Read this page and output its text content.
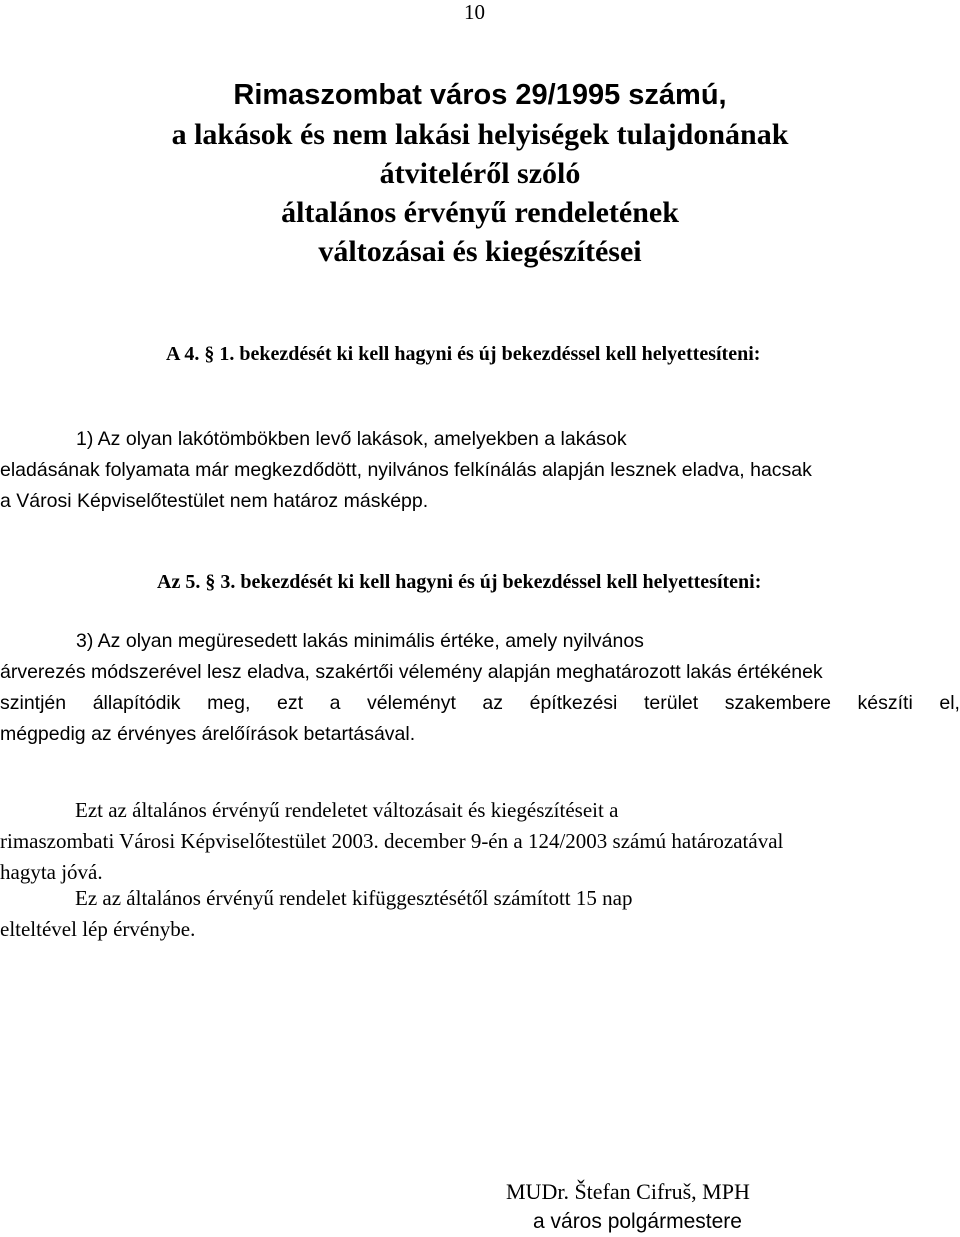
10
Rimaszombat város 29/1995 számú,
a lakások és nem lakási helyiségek tulajdonának
átviteléről szóló
általános érvényű rendeletének
változásai és kiegészítései
A 4. § 1. bekezdését ki kell hagyni és új bekezdéssel kell helyettesíteni:
1) Az olyan lakótömbökben levő lakások, amelyekben a lakások
eladásának folyamata már megkezdődött, nyilvános felkínálás alapján lesznek eladva, hacsak
a Városi Képviselőtestület nem határoz másképp.
Az 5. § 3. bekezdését ki kell hagyni és új bekezdéssel kell helyettesíteni:
3) Az olyan megüresedett lakás minimális értéke, amely nyilvános
árverezés módszerével lesz eladva, szakértői vélemény alapján meghatározott lakás értékének
szintjén állapítódik meg, ezt a véleményt az építkezési terület szakembere készíti el,
mégpedig az érvényes árelőírások betartásával.
Ezt az általános érvényű rendeletet változásait és kiegészítéseit a
rimaszombati Városi Képviselőtestület 2003. december 9-én a 124/2003 számú határozatával
hagyta jóvá.
Ez az általános érvényű rendelet kifüggesztésétől számított 15 nap
elteltével lép érvénybe.
MUDr. Štefan Cifruš, MPH
a város polgármestere
